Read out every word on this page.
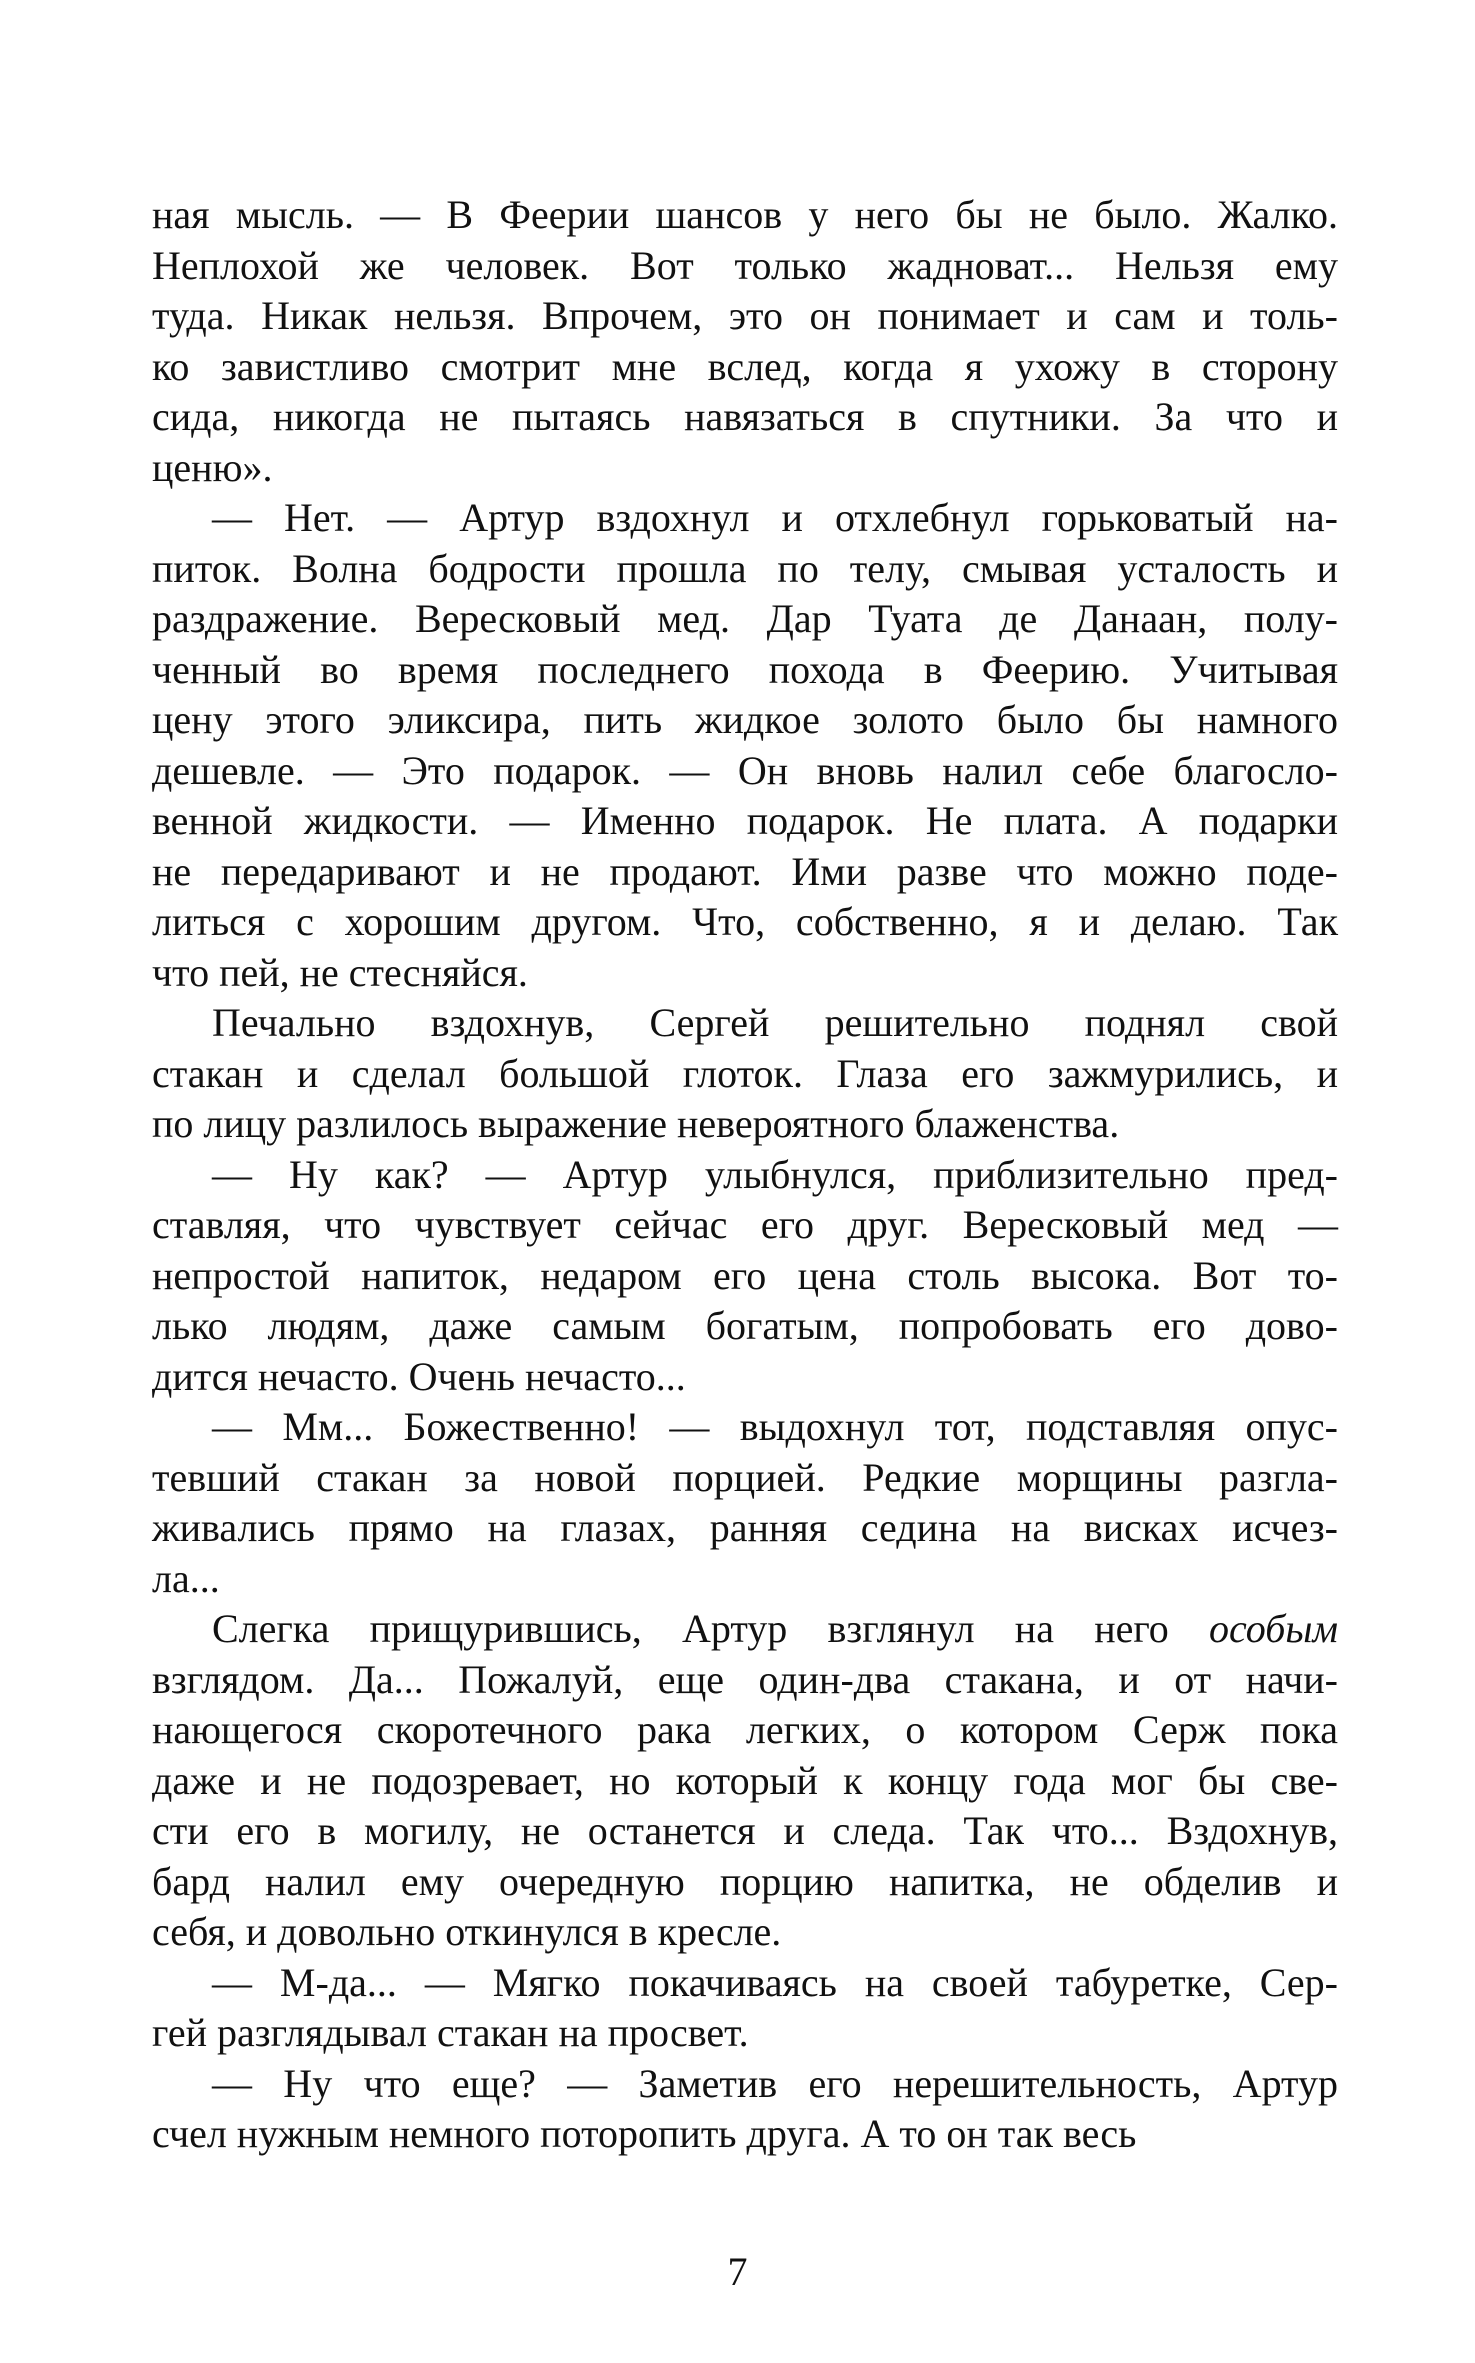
ная мысль. — В Феерии шансов у него бы не было. Жалко.
Неплохой же человек. Вот только жадноват... Нельзя ему
туда. Никак нельзя. Впрочем, это он понимает и сам и толь-
ко завистливо смотрит мне вслед, когда я ухожу в сторону
сида, никогда не пытаясь навязаться в спутники. За что и
ценю».
— Нет. — Артур вздохнул и отхлебнул горьковатый на-
питок. Волна бодрости прошла по телу, смывая усталость и
раздражение. Вересковый мед. Дар Туата де Данаан, полу-
ченный во время последнего похода в Феерию. Учитывая
цену этого эликсира, пить жидкое золото было бы намного
дешевле. — Это подарок. — Он вновь налил себе благосло-
венной жидкости. — Именно подарок. Не плата. А подарки
не передаривают и не продают. Ими разве что можно поде-
литься с хорошим другом. Что, собственно, я и делаю. Так
что пей, не стесняйся.
Печально вздохнув, Сергей решительно поднял свой
стакан и сделал большой глоток. Глаза его зажмурились, и
по лицу разлилось выражение невероятного блаженства.
— Ну как? — Артур улыбнулся, приблизительно пред-
ставляя, что чувствует сейчас его друг. Вересковый мед —
непростой напиток, недаром его цена столь высока. Вот то-
лько людям, даже самым богатым, попробовать его дово-
дится нечасто. Очень нечасто...
— Мм... Божественно! — выдохнул тот, подставляя опус-
тевший стакан за новой порцией. Редкие морщины разгла-
живались прямо на глазах, ранняя седина на висках исчез-
ла...
Слегка прищурившись, Артур взглянул на него особым
взглядом. Да... Пожалуй, еще один-два стакана, и от начи-
нающегося скоротечного рака легких, о котором Серж пока
даже и не подозревает, но который к концу года мог бы све-
сти его в могилу, не останется и следа. Так что... Вздохнув,
бард налил ему очередную порцию напитка, не обделив и
себя, и довольно откинулся в кресле.
— М-да... — Мягко покачиваясь на своей табуретке, Сер-
гей разглядывал стакан на просвет.
— Ну что еще? — Заметив его нерешительность, Артур
счел нужным немного поторопить друга. А то он так весь
7
